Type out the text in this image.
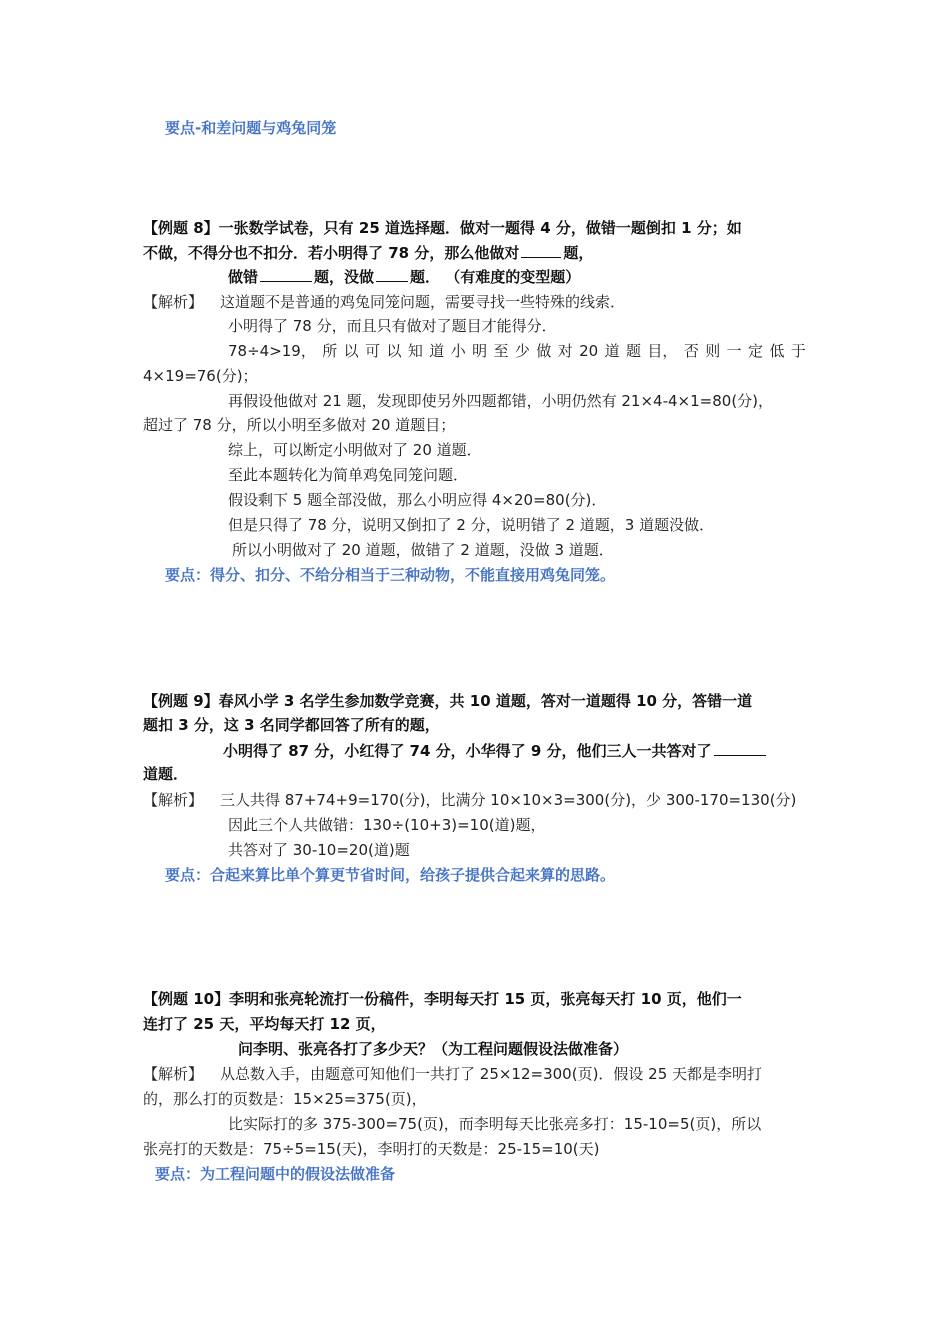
要点-和差问题与鸡兔同笼
【例题 8】一张数学试卷，只有 25 道选择题．做对一题得 4 分，做错一题倒扣 1 分；如
不做，不得分也不扣分．若小明得了 78 分，那么他做对	题，
做错	题，没做 题． （有难度的变型题）
【解析】 这道题不是普通的鸡兔同笼问题，需要寻找一些特殊的线索．
小明得了 78 分，而且只有做对了题目才能得分．
78÷4>19， 所 以 可 以 知 道 小 明 至 少 做 对 20 道 题 目， 否 则 一 定 低 于
4×19=76(分)；
再假设他做对 21 题，发现即使另外四题都错，小明仍然有 21×4-4×1=80(分)，
超过了 78 分，所以小明至多做对 20 道题目；
综上，可以断定小明做对了 20 道题．
至此本题转化为简单鸡兔同笼问题．
假设剩下 5 题全部没做，那么小明应得 4×20=80(分)．
但是只得了 78 分，说明又倒扣了 2 分，说明错了 2 道题，3 道题没做．
所以小明做对了 20 道题，做错了 2 道题，没做 3 道题．
要点：得分、扣分、不给分相当于三种动物，不能直接用鸡兔同笼。
【例题 9】春风小学 3 名学生参加数学竞赛，共 10 道题，答对一道题得 10 分，答错一道
题扣 3 分，这 3 名同学都回答了所有的题，
小明得了 87 分，小红得了 74 分，小华得了 9 分，他们三人一共答对了
道题．
【解析】 三人共得 87+74+9=170(分)，比满分 10×10×3=300(分)，少 300-170=130(分)
因此三个人共做错：130÷(10+3)=10(道)题，
共答对了 30-10=20(道)题
要点：合起来算比单个算更节省时间，给孩子提供合起来算的思路。
【例题 10】李明和张亮轮流打一份稿件，李明每天打 15 页，张亮每天打 10 页，他们一
连打了 25 天，平均每天打 12 页，
问李明、张亮各打了多少天？（为工程问题假设法做准备）
【解析】 从总数入手，由题意可知他们一共打了 25×12=300(页)．假设 25 天都是李明打
的，那么打的页数是：15×25=375(页)，
比实际打的多 375-300=75(页)，而李明每天比张亮多打：15-10=5(页)，所以
张亮打的天数是：75÷5=15(天)，李明打的天数是：25-15=10(天)
要点：为工程问题中的假设法做准备
